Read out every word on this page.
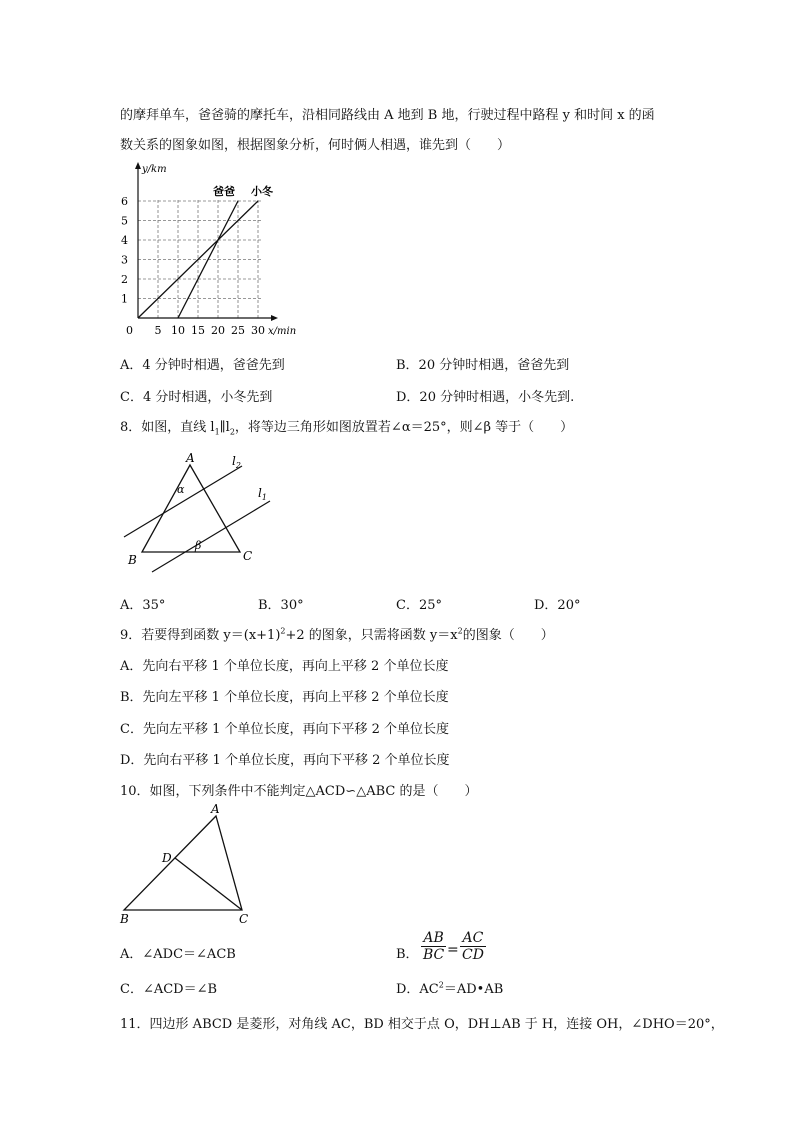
的摩拜单车，爸爸骑的摩托车，沿相同路线由 A 地到 B 地，行驶过程中路程 y 和时间 x 的函
数关系的图象如图，根据图象分析，何时俩人相遇，谁先到（　　）
y/km
x/min
0 5 10 15 20 25 30
1
2
3
4
5
6
爸爸 小冬
A．4 分钟时相遇，爸爸先到	B．20 分钟时相遇，爸爸先到
C．4 分时相遇，小冬先到	D．20 分钟时相遇，小冬先到.
8．如图，直线 $l_1\parallel l_2$，将等边三角形如图放置若∠α＝25°，则∠β 等于（　　）
A
B	C
α
β
$l_2$
$l_1$
A．35°	B．30°	C．25°	D．20°
9．若要得到函数 $y=(x+1)^2+2$ 的图象，只需将函数 $y=x^2$的图象（　　）
A．先向右平移 1 个单位长度，再向上平移 2 个单位长度
B．先向左平移 1 个单位长度，再向上平移 2 个单位长度
C．先向左平移 1 个单位长度，再向下平移 2 个单位长度
D．先向右平移 1 个单位长度，再向下平移 2 个单位长度
10．如图，下列条件中不能判定△ACD∽△ABC 的是（　　）
A
B	C
D
A．∠ADC＝∠ACB	B． $\frac{AB}{BC} = \frac{AC}{CD}$
C．∠ACD＝∠B	D．$AC^2=AD•AB$
11．四边形 ABCD 是菱形，对角线 AC，BD 相交于点 O，DH⊥AB 于 H，连接 OH，∠DHO＝20°，
